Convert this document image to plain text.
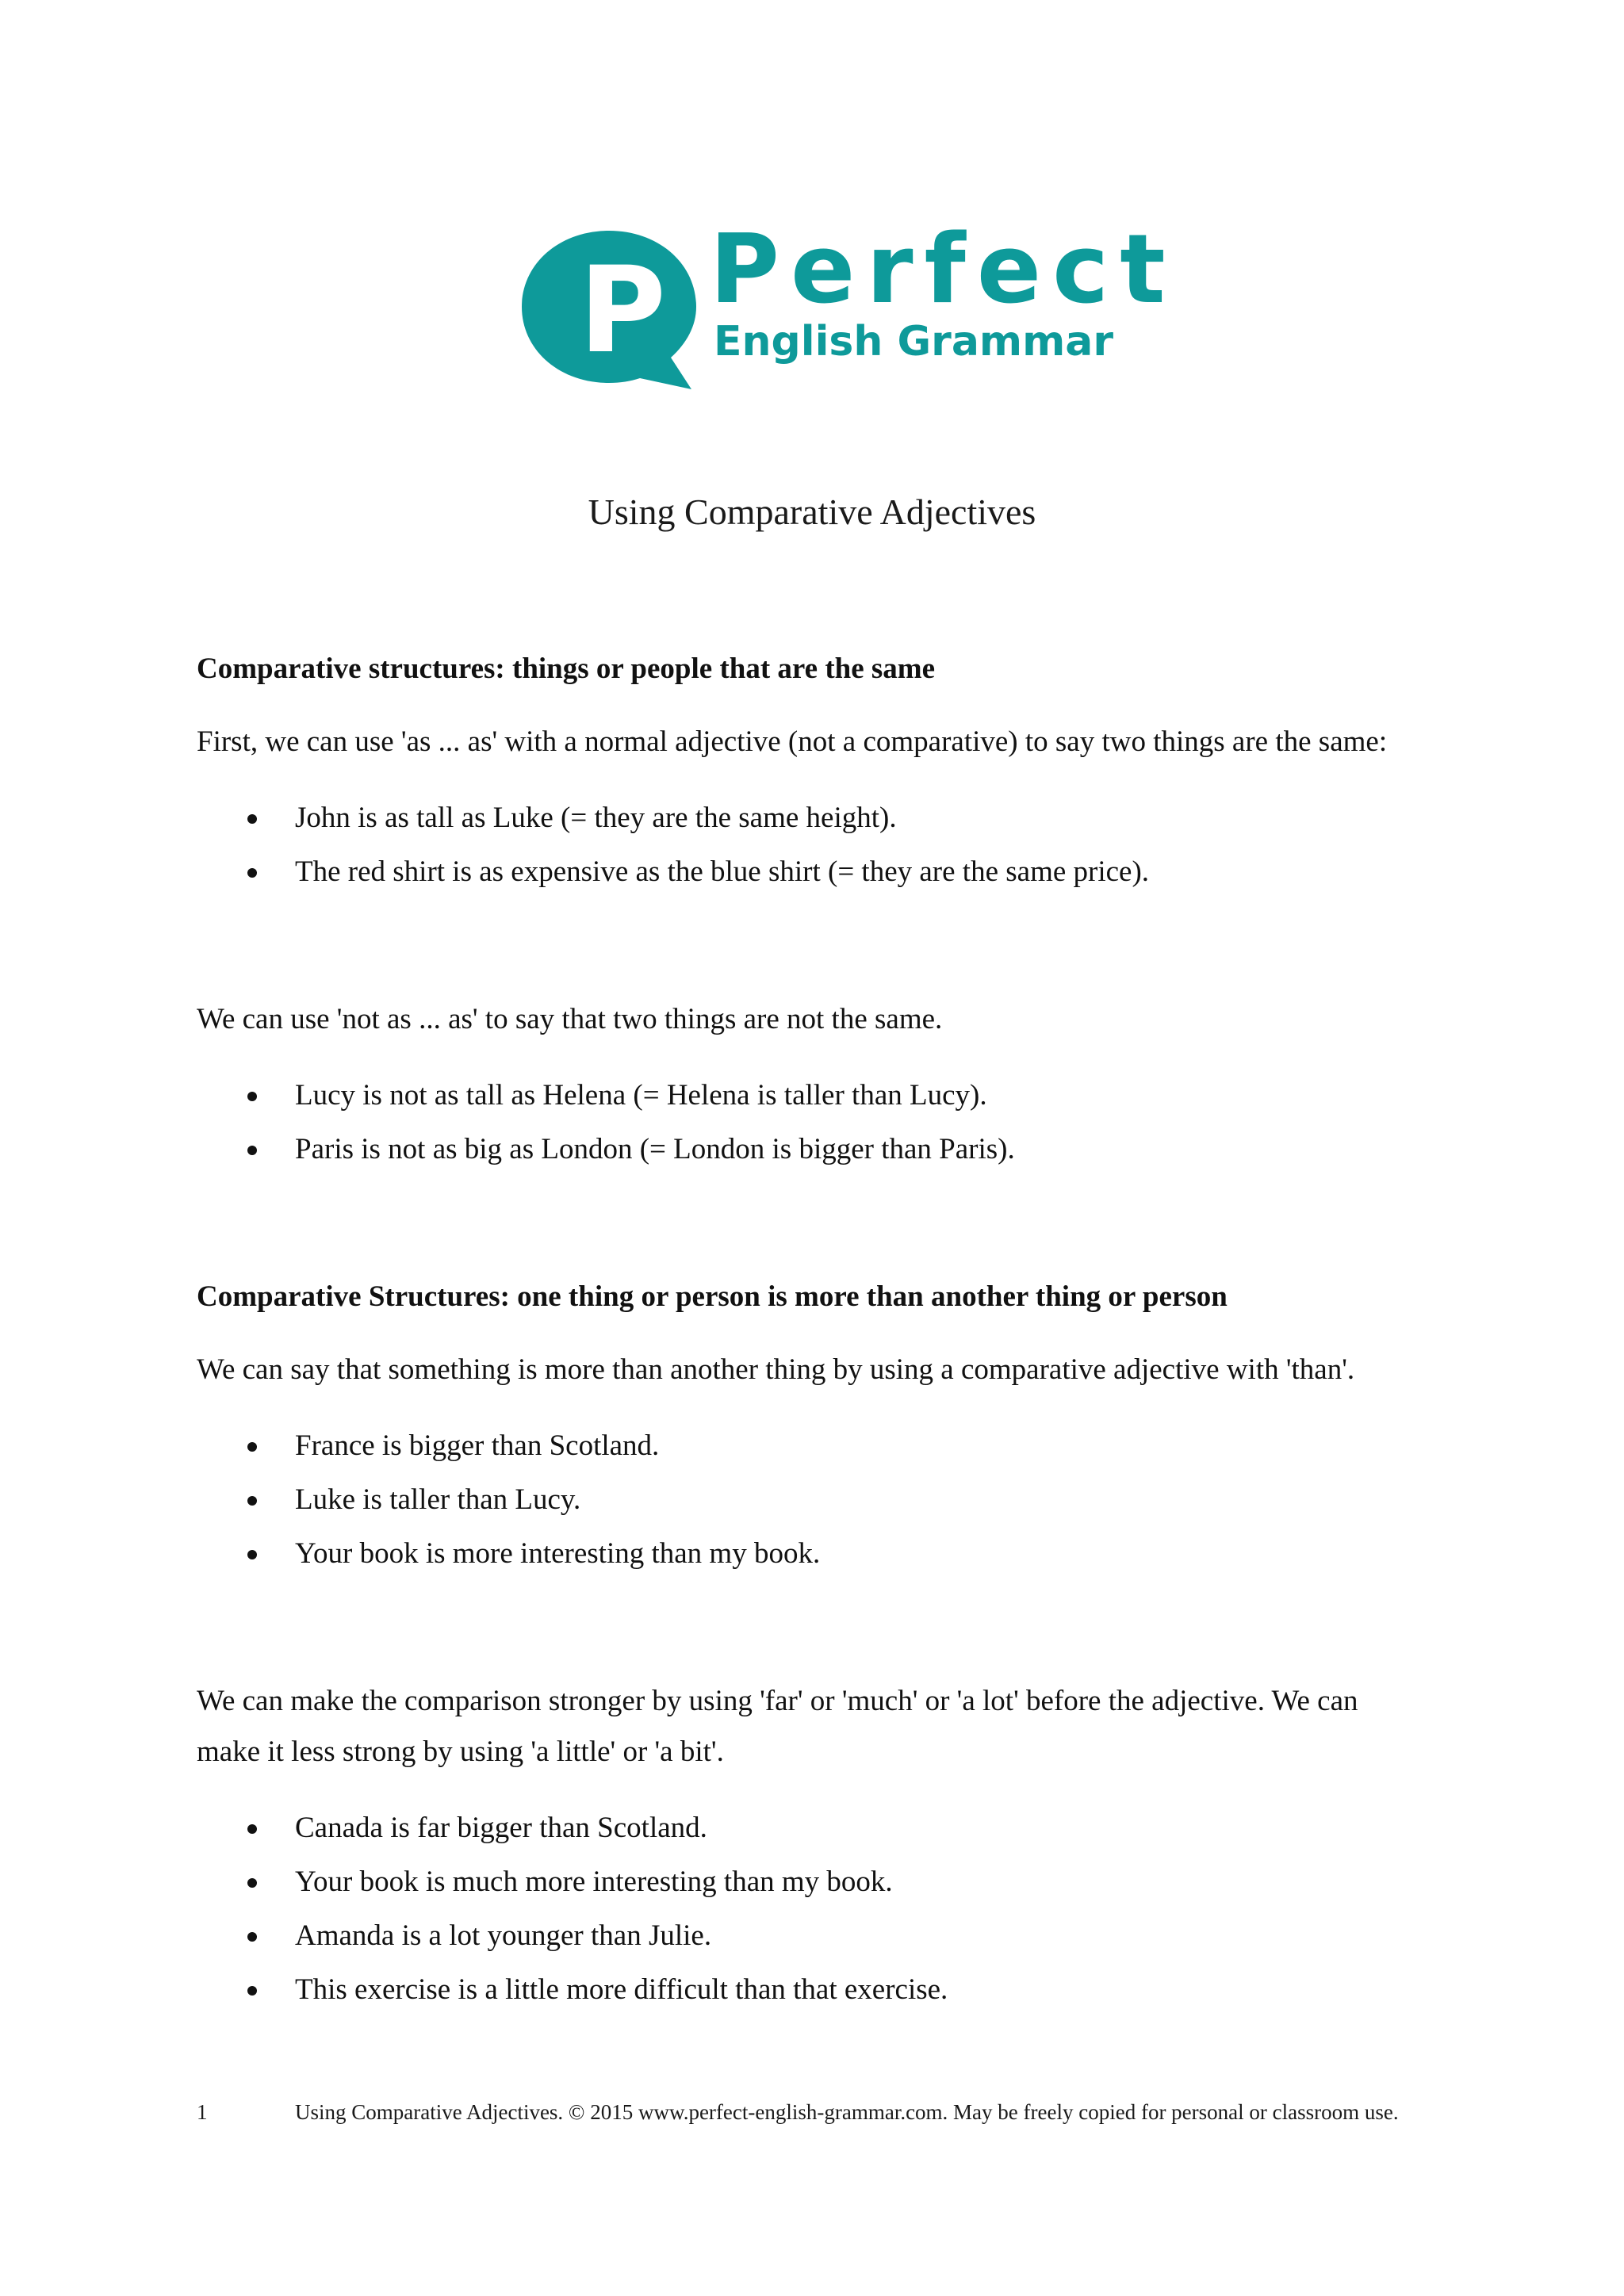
P Perfect
English Grammar
Using Comparative Adjectives

Comparative structures: things or people that are the same

First, we can use 'as ... as' with a normal adjective (not a comparative) to say two things are the same:

John is as tall as Luke (= they are the same height).
The red shirt is as expensive as the blue shirt (= they are the same price).

We can use 'not as ... as' to say that two things are not the same.

Lucy is not as tall as Helena (= Helena is taller than Lucy).
Paris is not as big as London (= London is bigger than Paris).

Comparative Structures: one thing or person is more than another thing or person

We can say that something is more than another thing by using a comparative adjective with 'than'.

France is bigger than Scotland.
Luke is taller than Lucy.
Your book is more interesting than my book.

We can make the comparison stronger by using 'far' or 'much' or 'a lot' before the adjective. We can

make it less strong by using 'a little' or 'a bit'.

Canada is far bigger than Scotland.
Your book is much more interesting than my book.
Amanda is a lot younger than Julie.
This exercise is a little more difficult than that exercise.
1	Using Comparative Adjectives. © 2015 www.perfect-english-grammar.com. May be freely copied for personal or classroom use.
